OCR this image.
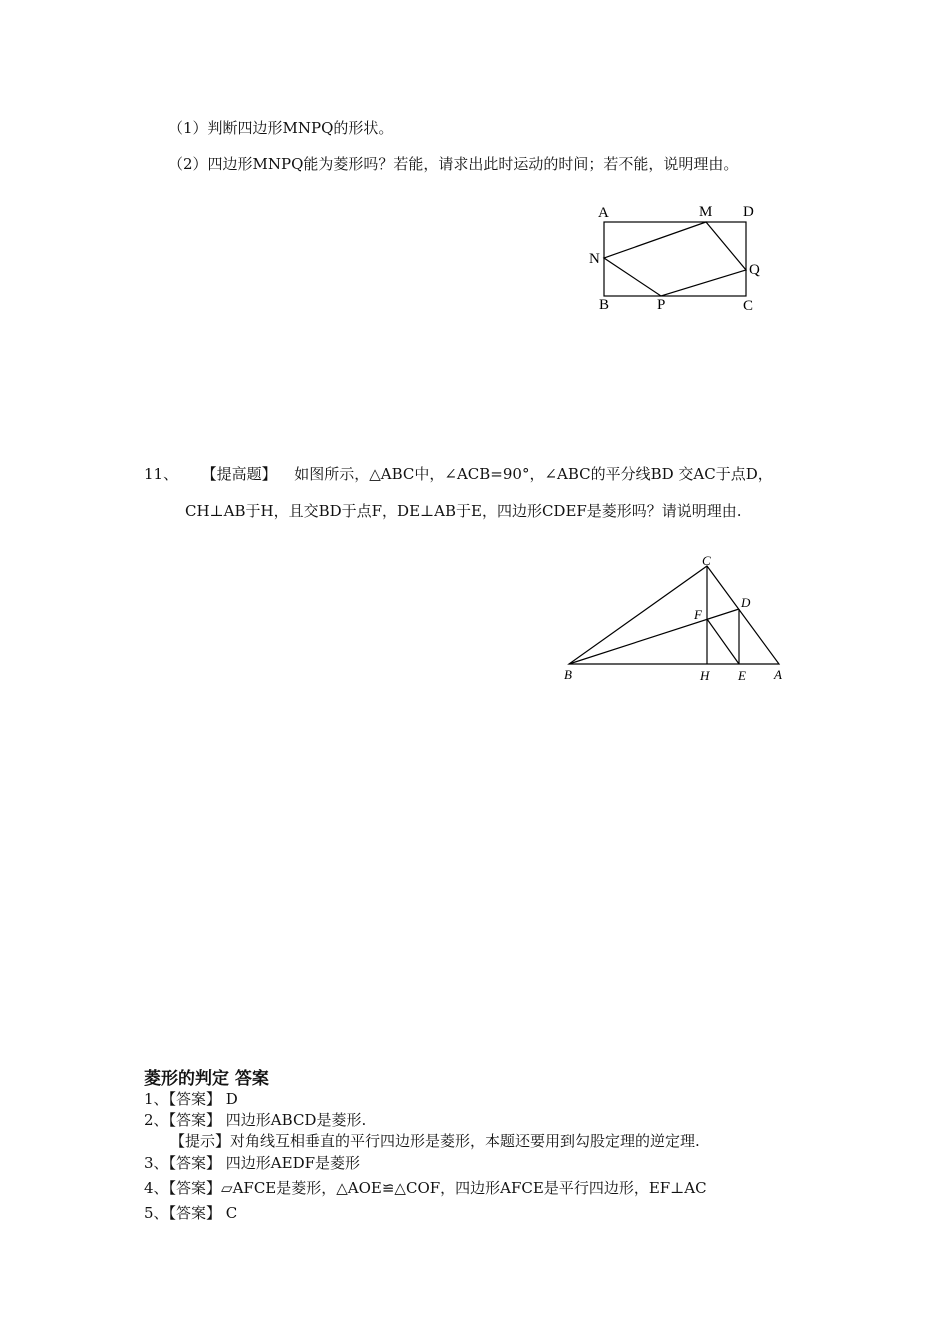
（1）判断四边形MNPQ的形状。
（2）四边形MNPQ能为菱形吗？若能，请求出此时运动的时间；若不能，说明理由。
A	M D
N
Q
B	P	C
11、 【提高题】 如图所示，△ABC中，∠ACB=90°，∠ABC的平分线BD 交AC于点D，
CH⊥AB于H，且交BD于点F，DE⊥AB于E，四边形CDEF是菱形吗？请说明理由.
C
D
F
B	H E A
菱形的判定 答案
1、【答案】 D
2、【答案】 四边形ABCD是菱形.
【提示】对角线互相垂直的平行四边形是菱形，本题还要用到勾股定理的逆定理.
3、【答案】 四边形AEDF是菱形
4、【答案】▱AFCE是菱形，△AOE≌△COF，四边形AFCE是平行四边形，EF⊥AC
5、【答案】 C
